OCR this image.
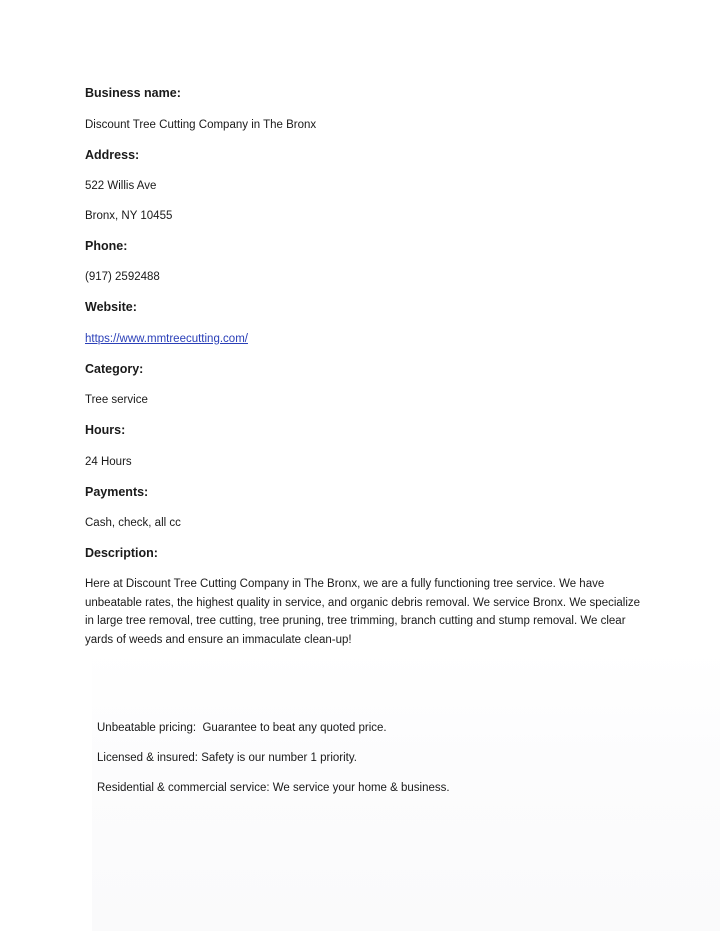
Business name:

Discount Tree Cutting Company in The Bronx

Address:

522 Willis Ave

Bronx, NY 10455

Phone:

(917) 2592488

Website:

https://www.mmtreecutting.com/

Category:

Tree service

Hours:

24 Hours

Payments:

Cash, check, all cc

Description:

Here at Discount Tree Cutting Company in The Bronx, we are a fully functioning tree service. We have unbeatable rates, the highest quality in service, and organic debris removal. We service Bronx. We specialize in large tree removal, tree cutting, tree pruning, tree trimming, branch cutting and stump removal. We clear yards of weeds and ensure an immaculate clean-up!

Unbeatable pricing:  Guarantee to beat any quoted price.

Licensed & insured: Safety is our number 1 priority.

Residential & commercial service: We service your home & business.
